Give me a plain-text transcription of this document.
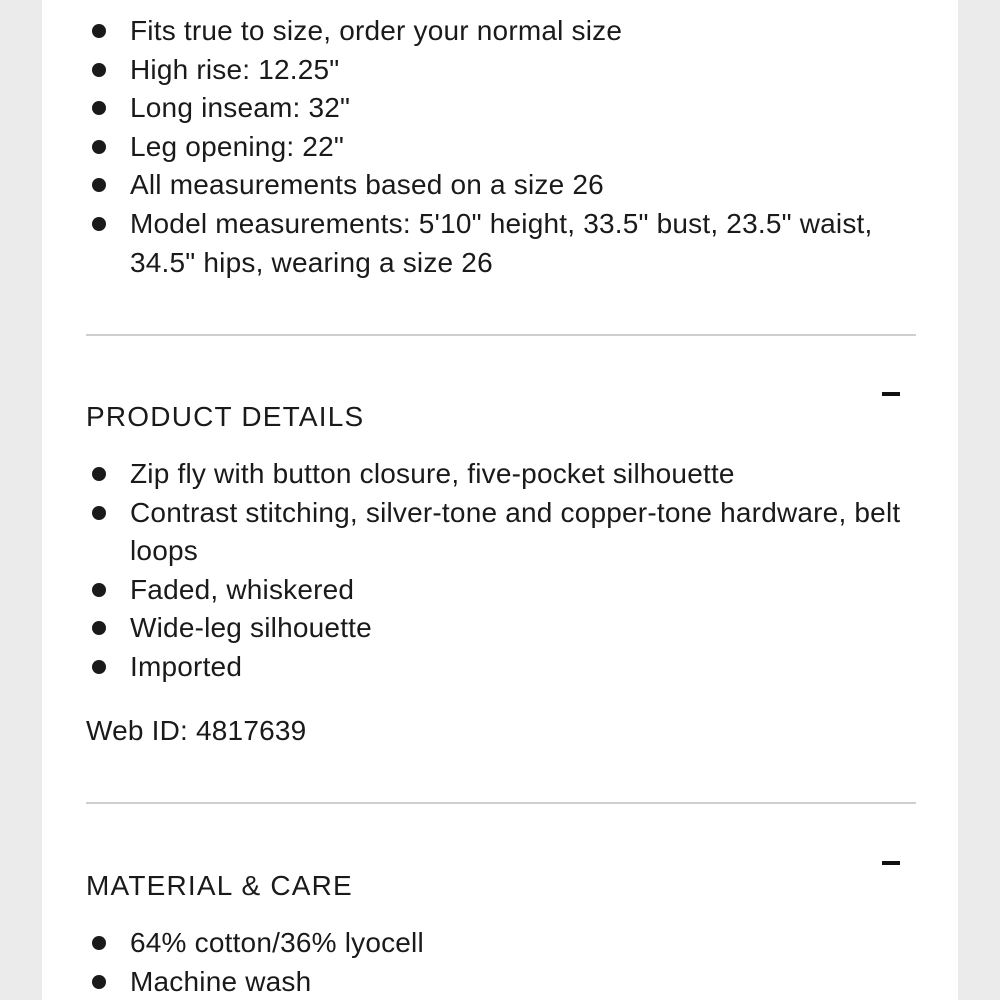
Fits true to size, order your normal size
High rise: 12.25"
Long inseam: 32"
Leg opening: 22"
All measurements based on a size 26
Model measurements: 5'10" height, 33.5" bust, 23.5" waist, 34.5" hips, wearing a size 26
PRODUCT DETAILS
Zip fly with button closure, five-pocket silhouette
Contrast stitching, silver-tone and copper-tone hardware, belt loops
Faded, whiskered
Wide-leg silhouette
Imported
Web ID: 4817639
MATERIAL & CARE
64% cotton/36% lyocell
Machine wash
